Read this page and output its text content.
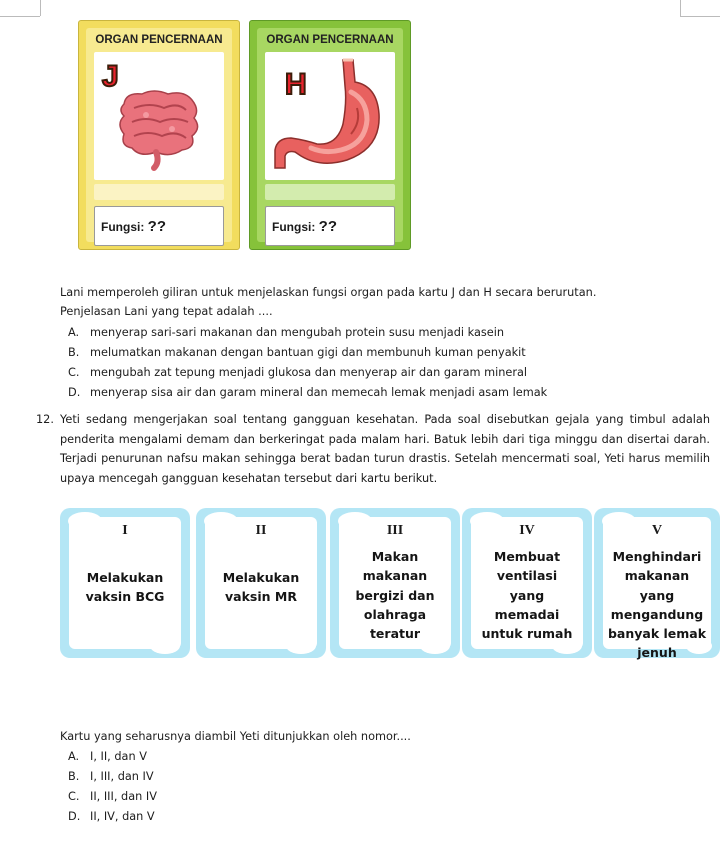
ORGAN PENCERNAAN
J
Fungsi: ??
ORGAN PENCERNAAN
H
Fungsi: ??
Lani memperoleh giliran untuk menjelaskan fungsi organ pada kartu J dan H secara berurutan.
Penjelasan Lani yang tepat adalah ....
A. menyerap sari-sari makanan dan mengubah protein susu menjadi kasein
B. melumatkan makanan dengan bantuan gigi dan membunuh kuman penyakit
C. mengubah zat tepung menjadi glukosa dan menyerap air dan garam mineral
D. menyerap sisa air dan garam mineral dan memecah lemak menjadi asam lemak
12. Yeti sedang mengerjakan soal tentang gangguan kesehatan. Pada soal disebutkan gejala yang timbul adalah penderita mengalami demam dan berkeringat pada malam hari. Batuk lebih dari tiga minggu dan disertai darah. Terjadi penurunan nafsu makan sehingga berat badan turun drastis. Setelah mencermati soal, Yeti harus memilih upaya mencegah gangguan kesehatan tersebut dari kartu berikut.
I
Melakukan
vaksin BCG
II
Melakukan
vaksin MR
III
Makan
makanan
bergizi dan
olahraga
teratur
IV
Membuat
ventilasi
yang
memadai
untuk rumah
V
Menghindari
makanan
yang
mengandung
banyak lemak
jenuh
Kartu yang seharusnya diambil Yeti ditunjukkan oleh nomor....
A. I, II, dan V
B. I, III, dan IV
C. II, III, dan IV
D. II, IV, dan V
